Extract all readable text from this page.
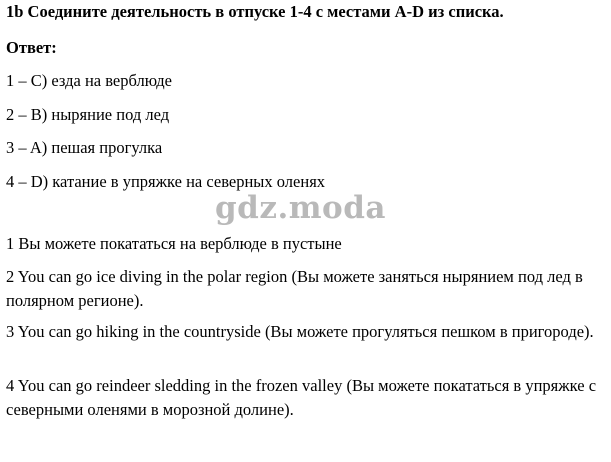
1b Соедините деятельность в отпуске 1-4 с местами A-D из списка.
Ответ:
1 – C) езда на верблюде
2 – B) ныряние под лед
3 – A) пешая прогулка
4 – D) катание в упряжке на северных оленях
gdz.moda
1 Вы можете покататься на верблюде в пустыне
2 You can go ice diving in the polar region (Вы можете заняться нырянием под лед в полярном регионе).
3 You can go hiking in the countryside (Вы можете прогуляться пешком в пригороде).
4 You can go reindeer sledding in the frozen valley (Вы можете покататься в упряжке с северными оленями в морозной долине).
